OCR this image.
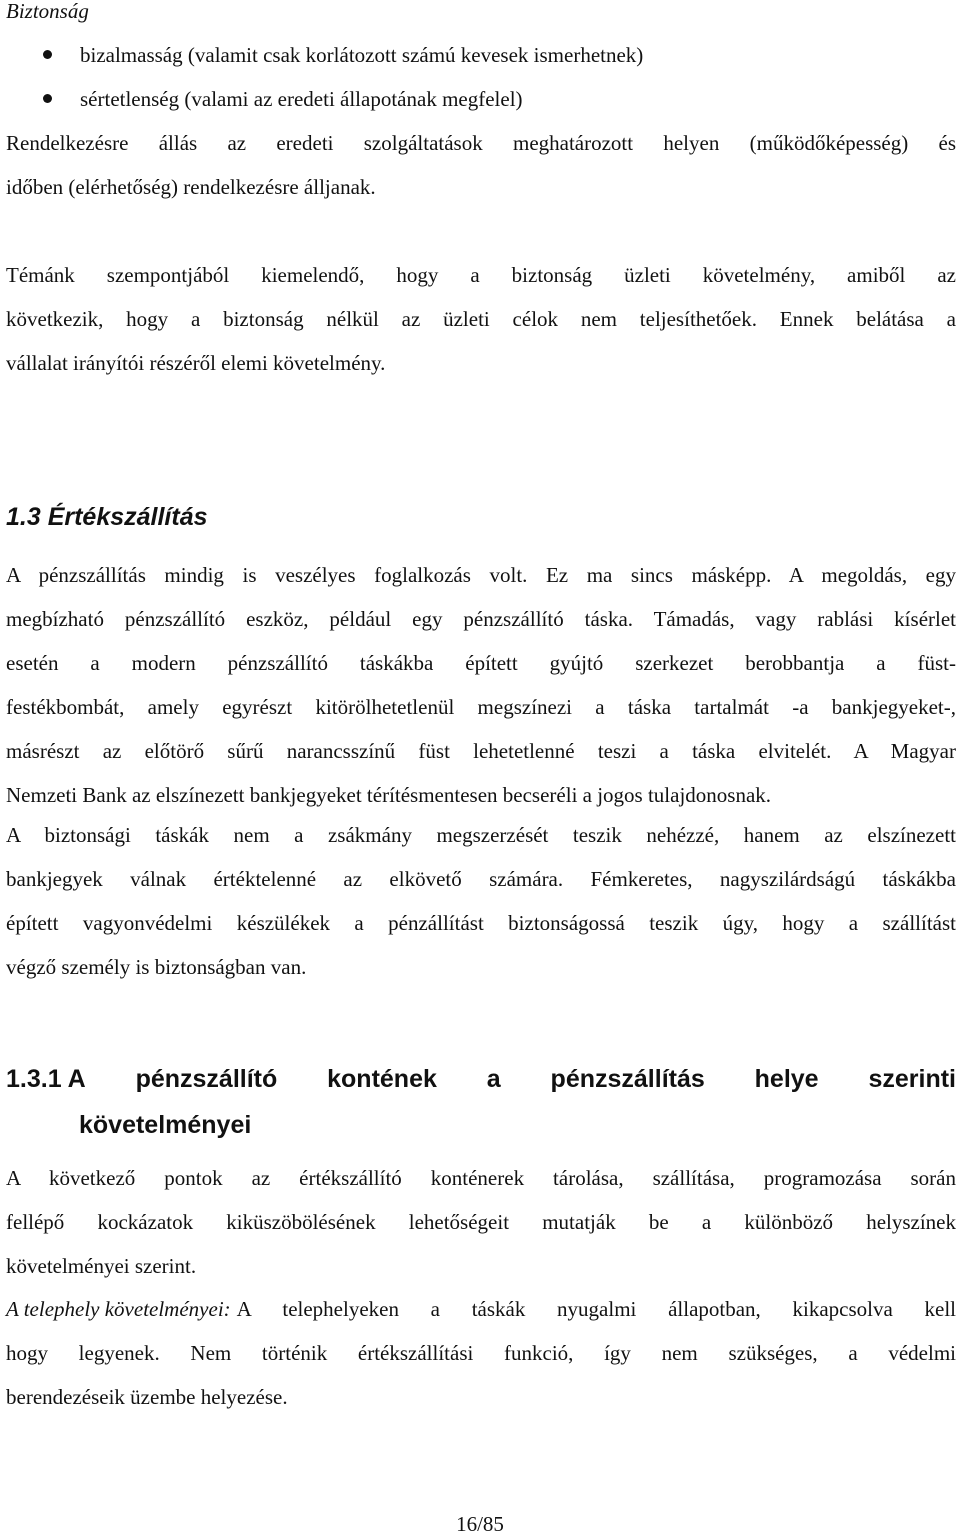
Biztonság
bizalmasság (valamit csak korlátozott számú kevesek ismerhetnek)
sértetlenség (valami az eredeti állapotának megfelel)

Rendelkezésre állás az eredeti szolgáltatások meghatározott helyen (működőképesség) és

időben (elérhetőség) rendelkezésre álljanak.

Témánk szempontjából kiemelendő, hogy a biztonság üzleti követelmény, amiből az

következik, hogy a biztonság nélkül az üzleti célok nem teljesíthetőek. Ennek belátása a

vállalat irányítói részéről elemi követelmény.

1.3 Értékszállítás

A pénzszállítás mindig is veszélyes foglalkozás volt. Ez ma sincs másképp. A megoldás, egy

megbízható pénzszállító eszköz, például egy pénzszállító táska. Támadás, vagy rablási kísérlet

esetén a modern pénzszállító táskákba épített gyújtó szerkezet berobbantja a füst-

festékbombát, amely egyrészt kitörölhetetlenül megszínezi a táska tartalmát -a bankjegyeket-,

másrészt az előtörő sűrű narancsszínű füst lehetetlenné teszi a táska elvitelét. A Magyar

Nemzeti Bank az elszínezett bankjegyeket térítésmentesen becseréli a jogos tulajdonosnak.

A biztonsági táskák nem a zsákmány megszerzését teszik nehézzé, hanem az elszínezett

bankjegyek válnak értéktelenné az elkövető számára. Fémkeretes, nagyszilárdságú táskákba

épített vagyonvédelmi készülékek a pénzállítást biztonságossá teszik úgy, hogy a szállítást

végző személy is biztonságban van.

1.3.1 A pénzszállító kontének a pénzszállítás helye szerinti
követelményei

A következő pontok az értékszállító konténerek tárolása, szállítása, programozása során

fellépő kockázatok kiküszöbölésének lehetőségeit mutatják be a különböző helyszínek

követelményei szerint.

A telephely követelményei: A telephelyeken a táskák nyugalmi állapotban, kikapcsolva kell

hogy legyenek. Nem történik értékszállítási funkció, így nem szükséges, a védelmi

berendezéseik üzembe helyezése.

16/85
